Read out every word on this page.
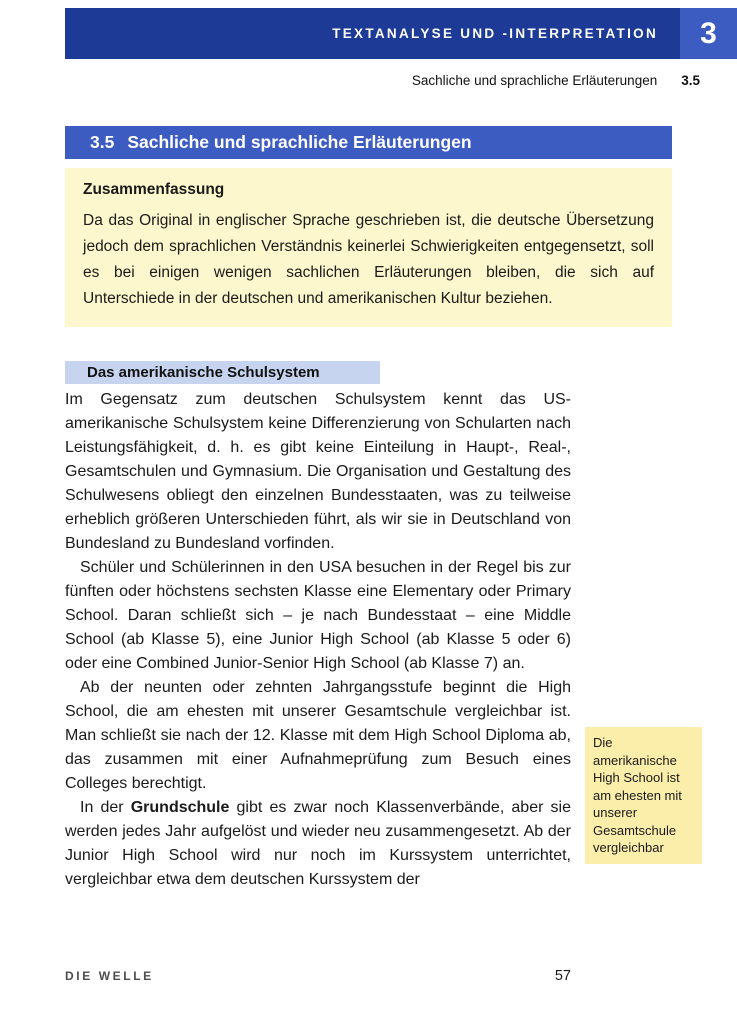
TEXTANALYSE UND -INTERPRETATION	3
Sachliche und sprachliche Erläuterungen 3.5
3.5 Sachliche und sprachliche Erläuterungen
Zusammenfassung

Da das Original in englischer Sprache geschrieben ist, die deutsche Übersetzung jedoch dem sprachlichen Verständnis keinerlei Schwierigkeiten entgegensetzt, soll es bei einigen wenigen sachlichen Erläuterungen bleiben, die sich auf Unterschiede in der deutschen und amerikanischen Kultur beziehen.

Das amerikanische Schulsystem

Im Gegensatz zum deutschen Schulsystem kennt das US-amerikanische Schulsystem keine Differenzierung von Schularten nach Leistungsfähigkeit, d. h. es gibt keine Einteilung in Haupt-, Real-, Gesamtschulen und Gymnasium. Die Organisation und Gestaltung des Schulwesens obliegt den einzelnen Bundesstaaten, was zu teilweise erheblich größeren Unterschieden führt, als wir sie in Deutschland von Bundesland zu Bundesland vorfinden.

Schüler und Schülerinnen in den USA besuchen in der Regel bis zur fünften oder höchstens sechsten Klasse eine Elementary oder Primary School. Daran schließt sich – je nach Bundesstaat – eine Middle School (ab Klasse 5), eine Junior High School (ab Klasse 5 oder 6) oder eine Combined Junior-Senior High School (ab Klasse 7) an.

Ab der neunten oder zehnten Jahrgangsstufe beginnt die High School, die am ehesten mit unserer Gesamtschule vergleichbar ist. Man schließt sie nach der 12. Klasse mit dem High School Diploma ab, das zusammen mit einer Aufnahmeprüfung zum Besuch eines Colleges berechtigt.

In der Grundschule gibt es zwar noch Klassenverbände, aber sie werden jedes Jahr aufgelöst und wieder neu zusammengesetzt. Ab der Junior High School wird nur noch im Kurssystem unterrichtet, vergleichbar etwa dem deutschen Kurssystem der

Die amerikanische High School ist am ehesten mit unserer Gesamtschule vergleichbar
DIE WELLE	57
